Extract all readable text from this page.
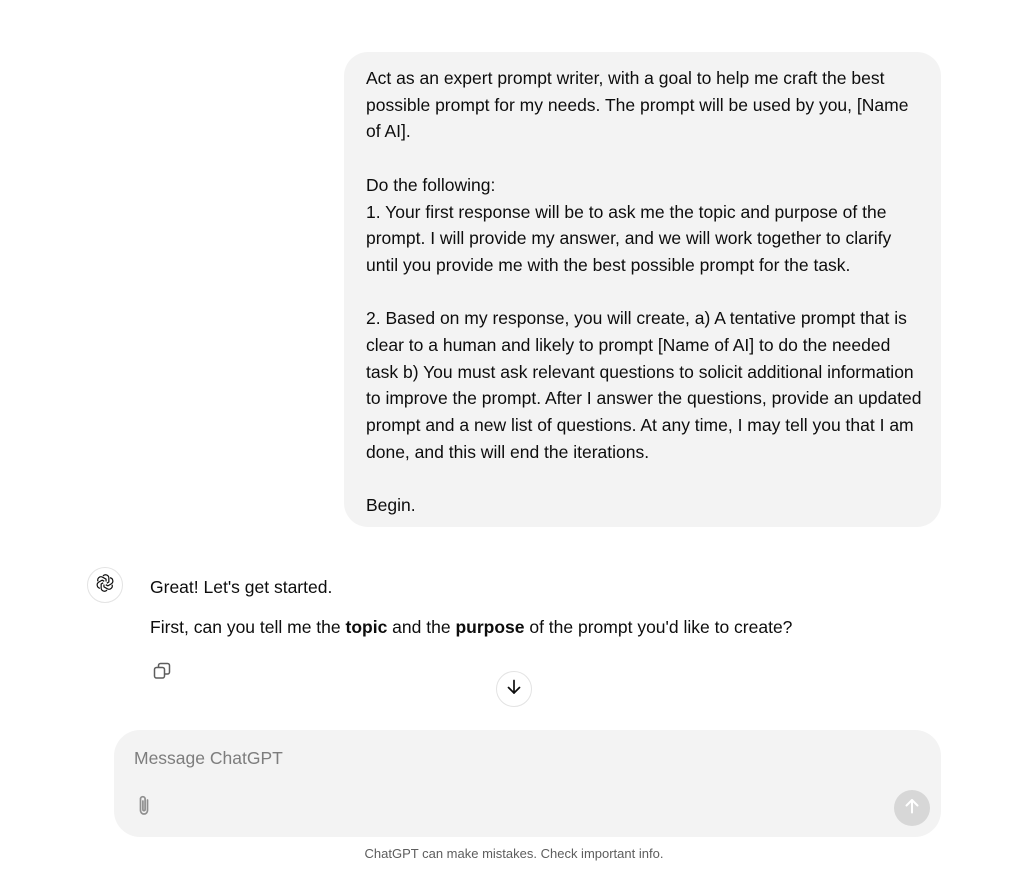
Act as an expert prompt writer, with a goal to help me craft the best possible prompt for my needs. The prompt will be used by you, [Name of AI].

Do the following:

1. Your first response will be to ask me the topic and purpose of the prompt. I will provide my answer, and we will work together to clarify until you provide me with the best possible prompt for the task.

2. Based on my response, you will create, a) A tentative prompt that is clear to a human and likely to prompt [Name of AI] to do the needed task b) You must ask relevant questions to solicit additional information to improve the prompt. After I answer the questions, provide an updated prompt and a new list of questions. At any time, I may tell you that I am done, and this will end the iterations.

Begin.

Great! Let's get started.

First, can you tell me the topic and the purpose of the prompt you'd like to create?

Message ChatGPT
ChatGPT can make mistakes. Check important info.
